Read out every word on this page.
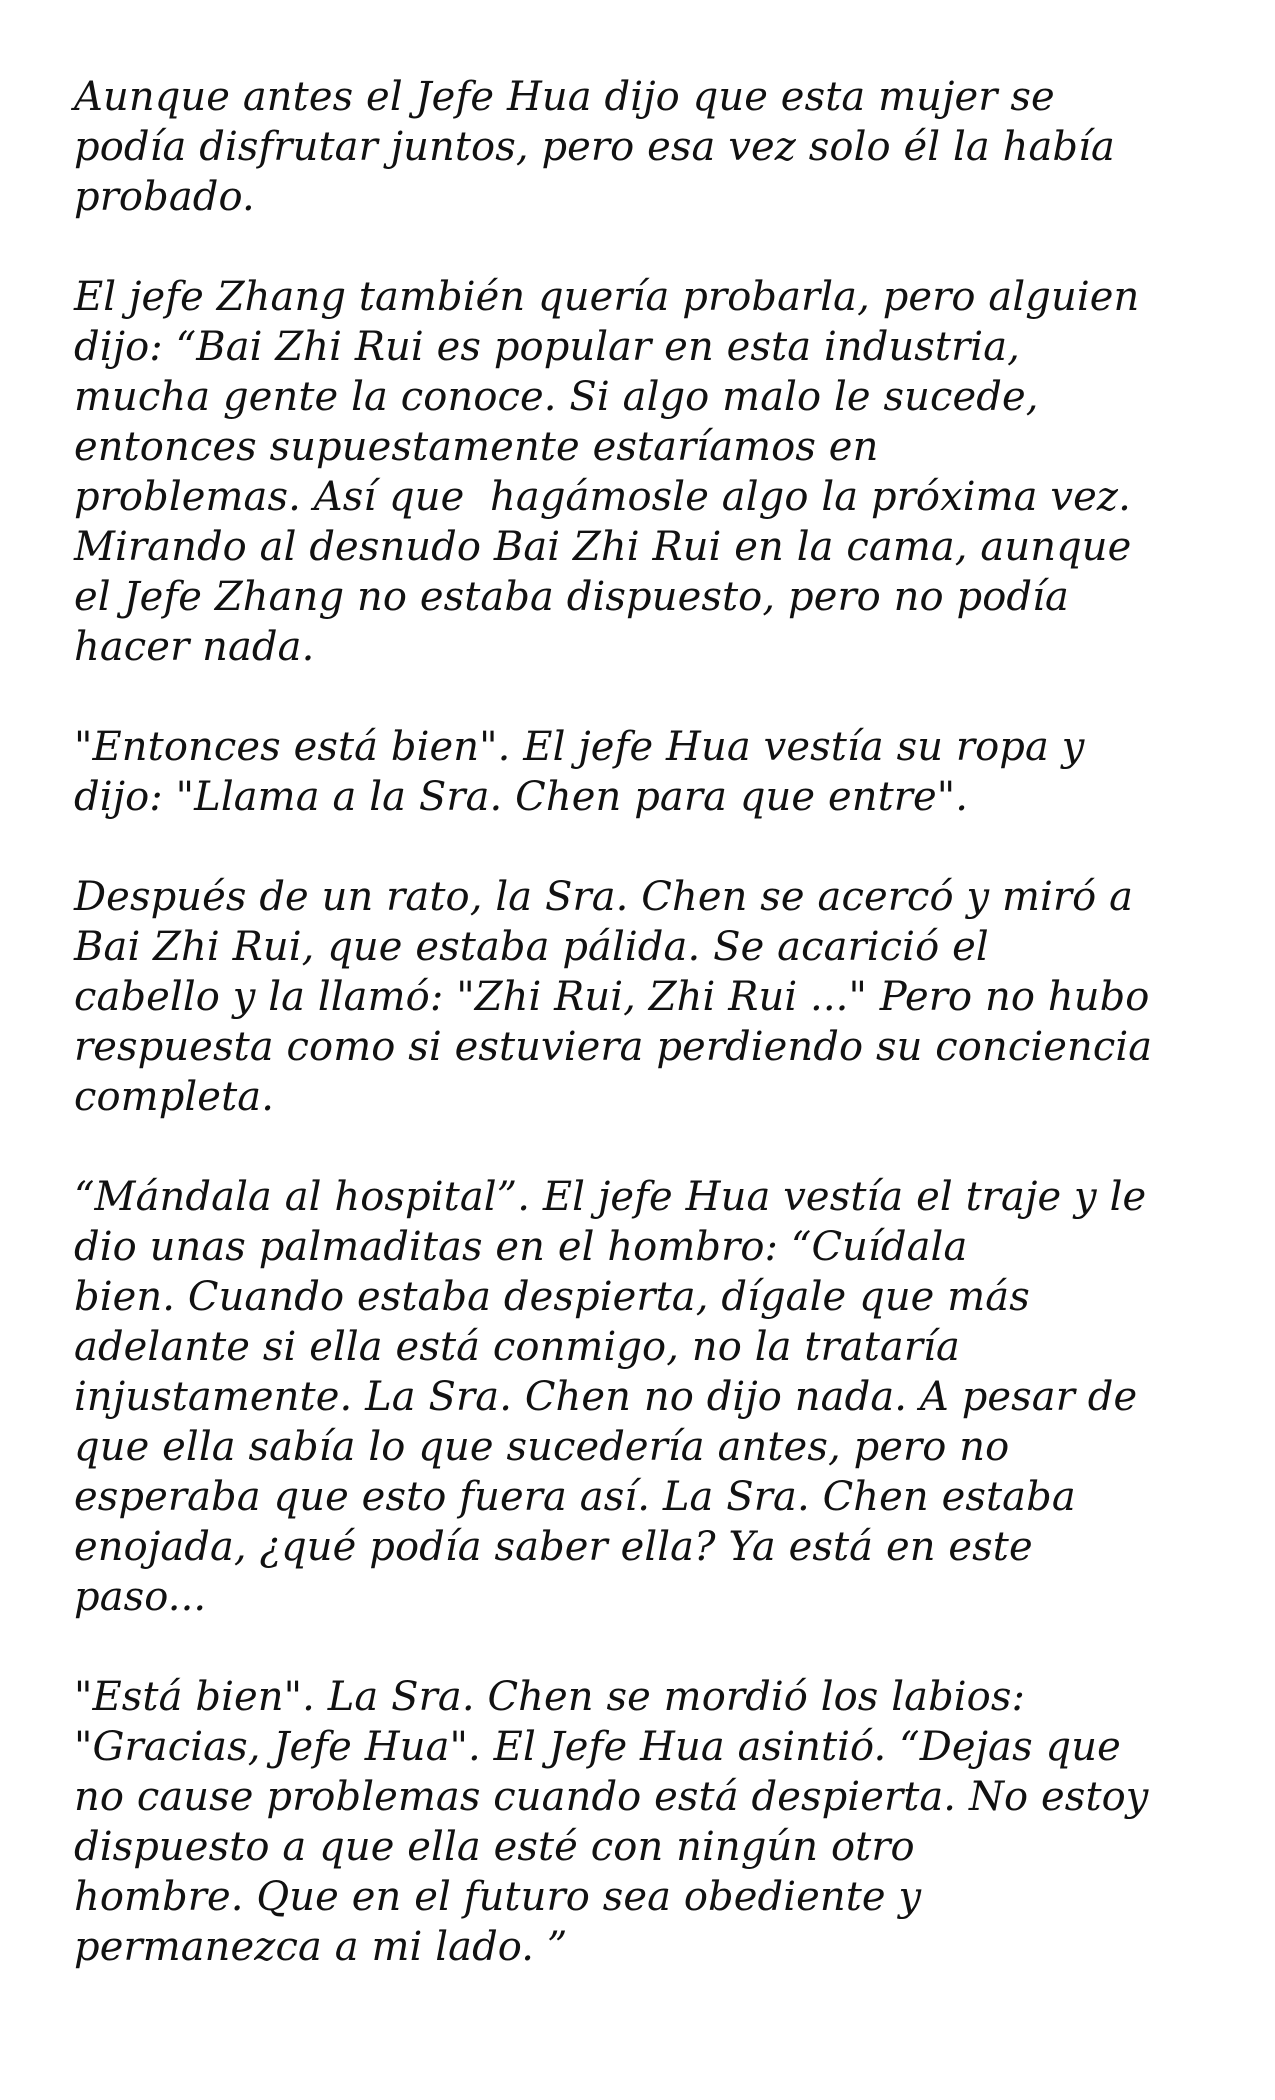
Aunque antes el Jefe Hua dijo que esta mujer se
podía disfrutar juntos, pero esa vez solo él la había
probado.

El jefe Zhang también quería probarla, pero alguien
dijo: “Bai Zhi Rui es popular en esta industria,
mucha gente la conoce. Si algo malo le sucede,
entonces supuestamente estaríamos en
problemas. Así que  hagámosle algo la próxima vez.
Mirando al desnudo Bai Zhi Rui en la cama, aunque
el Jefe Zhang no estaba dispuesto, pero no podía
hacer nada.

"Entonces está bien". El jefe Hua vestía su ropa y
dijo: "Llama a la Sra. Chen para que entre".

Después de un rato, la Sra. Chen se acercó y miró a
Bai Zhi Rui, que estaba pálida. Se acarició el
cabello y la llamó: "Zhi Rui, Zhi Rui ..." Pero no hubo
respuesta como si estuviera perdiendo su conciencia
completa.

“Mándala al hospital”. El jefe Hua vestía el traje y le
dio unas palmaditas en el hombro: “Cuídala
bien. Cuando estaba despierta, dígale que más
adelante si ella está conmigo, no la trataría
injustamente. La Sra. Chen no dijo nada. A pesar de
que ella sabía lo que sucedería antes, pero no
esperaba que esto fuera así. La Sra. Chen estaba
enojada, ¿qué podía saber ella? Ya está en este
paso...

"Está bien". La Sra. Chen se mordió los labios:
"Gracias, Jefe Hua". El Jefe Hua asintió. “Dejas que
no cause problemas cuando está despierta. No estoy
dispuesto a que ella esté con ningún otro
hombre. Que en el futuro sea obediente y
permanezca a mi lado. ”
